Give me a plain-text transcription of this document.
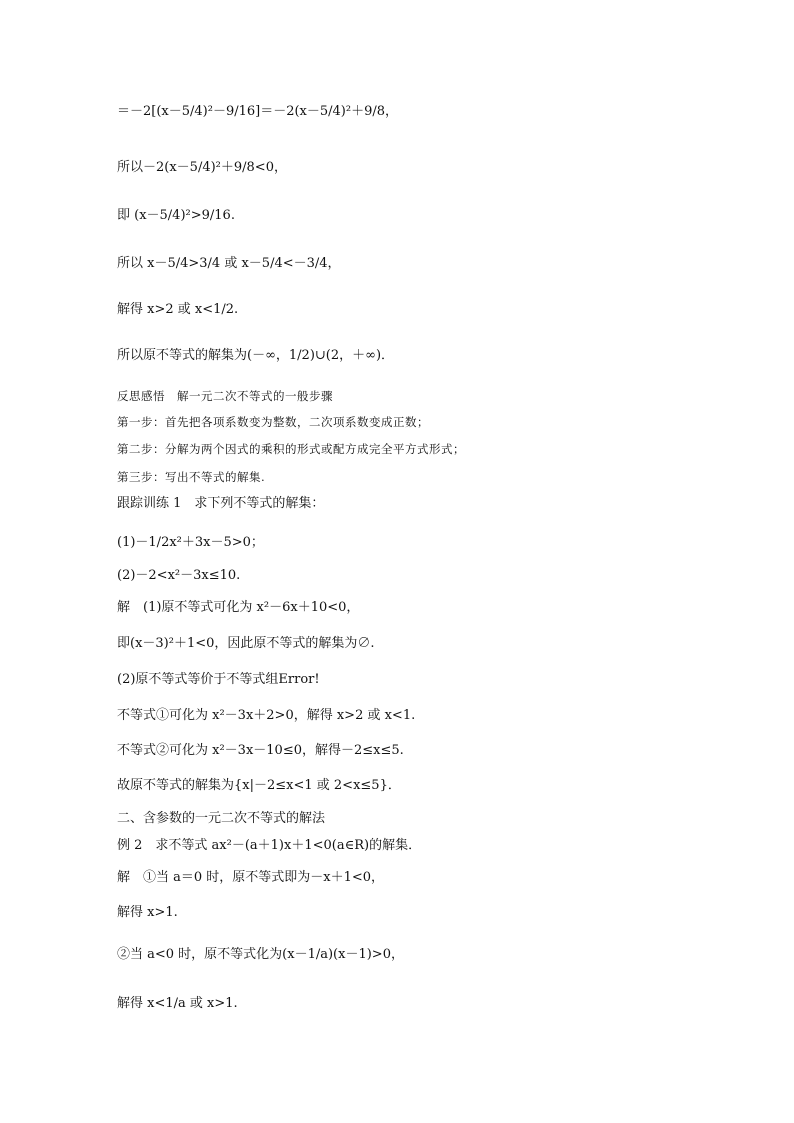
＝－2[(x－5/4)²－9/16]＝－2(x－5/4)²＋9/8，
所以－2(x－5/4)²＋9/8<0，
即 (x－5/4)²>9/16.
所以 x－5/4>3/4 或 x－5/4<－3/4，
解得 x>2 或 x<1/2.
所以原不等式的解集为(－∞，1/2)∪(2，＋∞)．
反思感悟　解一元二次不等式的一般步骤
第一步：首先把各项系数变为整数，二次项系数变成正数；
第二步：分解为两个因式的乘积的形式或配方成完全平方式形式；
第三步：写出不等式的解集.
跟踪训练 1　求下列不等式的解集：
(1)－1/2x²＋3x－5>0；
(2)－2<x²－3x≤10.
解　(1)原不等式可化为 x²－6x＋10<0，
即(x－3)²＋1<0，因此原不等式的解集为∅.
(2)原不等式等价于不等式组Error!
不等式①可化为 x²－3x＋2>0，解得 x>2 或 x<1.
不等式②可化为 x²－3x－10≤0，解得－2≤x≤5.
故原不等式的解集为{x|－2≤x<1 或 2<x≤5}．
二、含参数的一元二次不等式的解法
例 2　求不等式 ax²－(a＋1)x＋1<0(a∈R)的解集．
解　①当 a＝0 时，原不等式即为－x＋1<0，
解得 x>1.
②当 a<0 时，原不等式化为(x－1/a)(x－1)>0，
解得 x<1/a 或 x>1.
